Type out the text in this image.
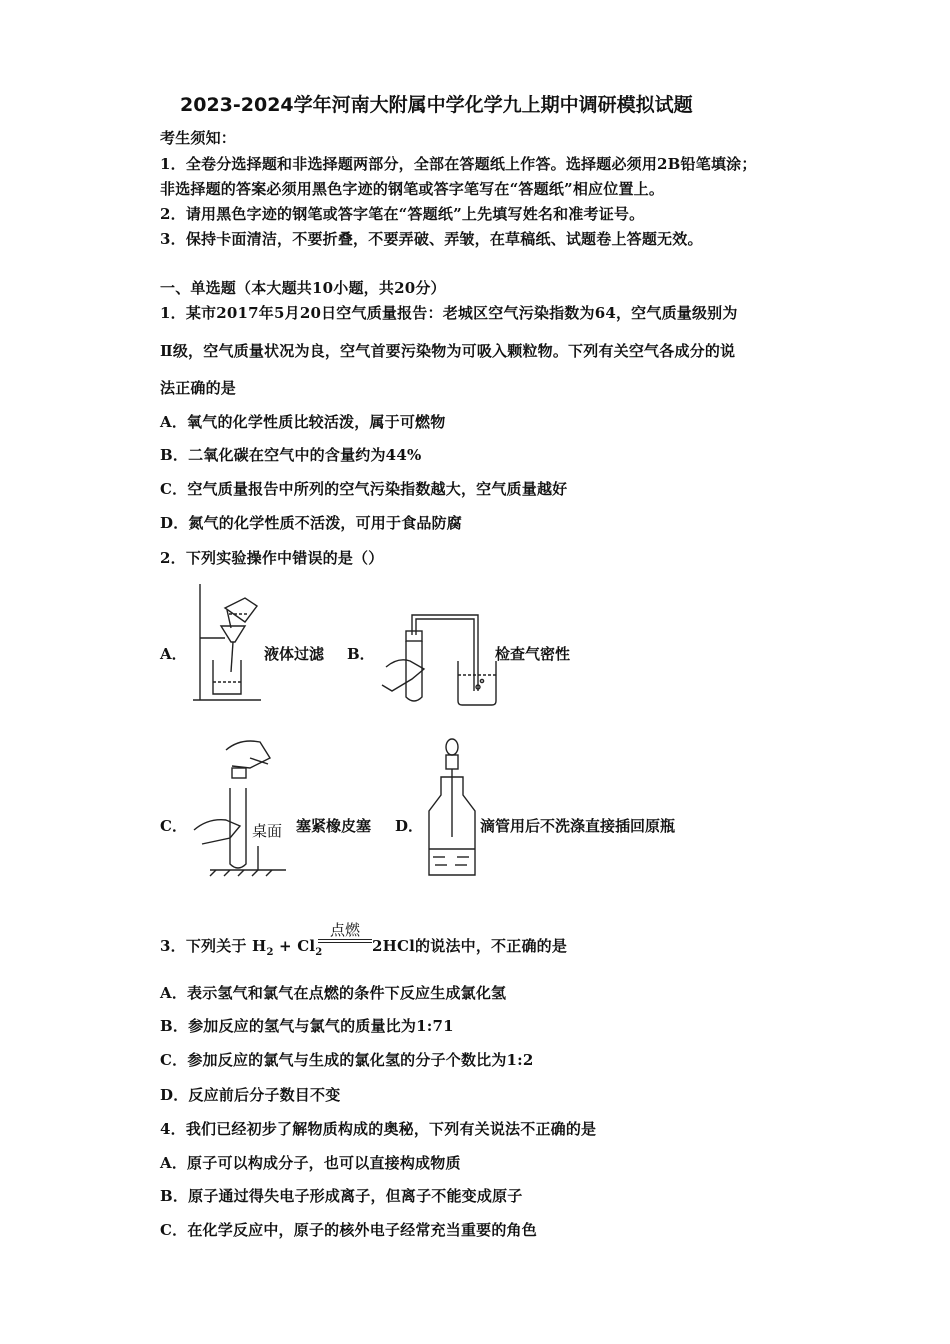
2023-2024学年河南大附属中学化学九上期中调研模拟试题
考生须知：
1．全卷分选择题和非选择题两部分，全部在答题纸上作答。选择题必须用2B铅笔填涂；
非选择题的答案必须用黑色字迹的钢笔或答字笔写在“答题纸”相应位置上。
2．请用黑色字迹的钢笔或答字笔在“答题纸”上先填写姓名和准考证号。
3．保持卡面清洁，不要折叠，不要弄破、弄皱，在草稿纸、试题卷上答题无效。
一、单选题（本大题共10小题，共20分）
1．某市2017年5月20日空气质量报告：老城区空气污染指数为64，空气质量级别为
Ⅱ级，空气质量状况为良，空气首要污染物为可吸入颗粒物。下列有关空气各成分的说
法正确的是
A．氧气的化学性质比较活泼，属于可燃物
B．二氧化碳在空气中的含量约为44%
C．空气质量报告中所列的空气污染指数越大，空气质量越好
D．氮气的化学性质不活泼，可用于食品防腐
2．下列实验操作中错误的是（）
A．	液体过滤 B．	检查气密性
C．	桌面 塞紧橡皮塞 D．	滴管用后不洗涤直接插回原瓶
3．下列关于 $H_2 + Cl_2$
点燃
2HCl的说法中，不正确的是
A．表示氢气和氯气在点燃的条件下反应生成氯化氢
B．参加反应的氢气与氯气的质量比为1:71
C．参加反应的氯气与生成的氯化氢的分子个数比为1:2
D．反应前后分子数目不变
4．我们已经初步了解物质构成的奥秘，下列有关说法不正确的是
A．原子可以构成分子，也可以直接构成物质
B．原子通过得失电子形成离子，但离子不能变成原子
C．在化学反应中，原子的核外电子经常充当重要的角色
